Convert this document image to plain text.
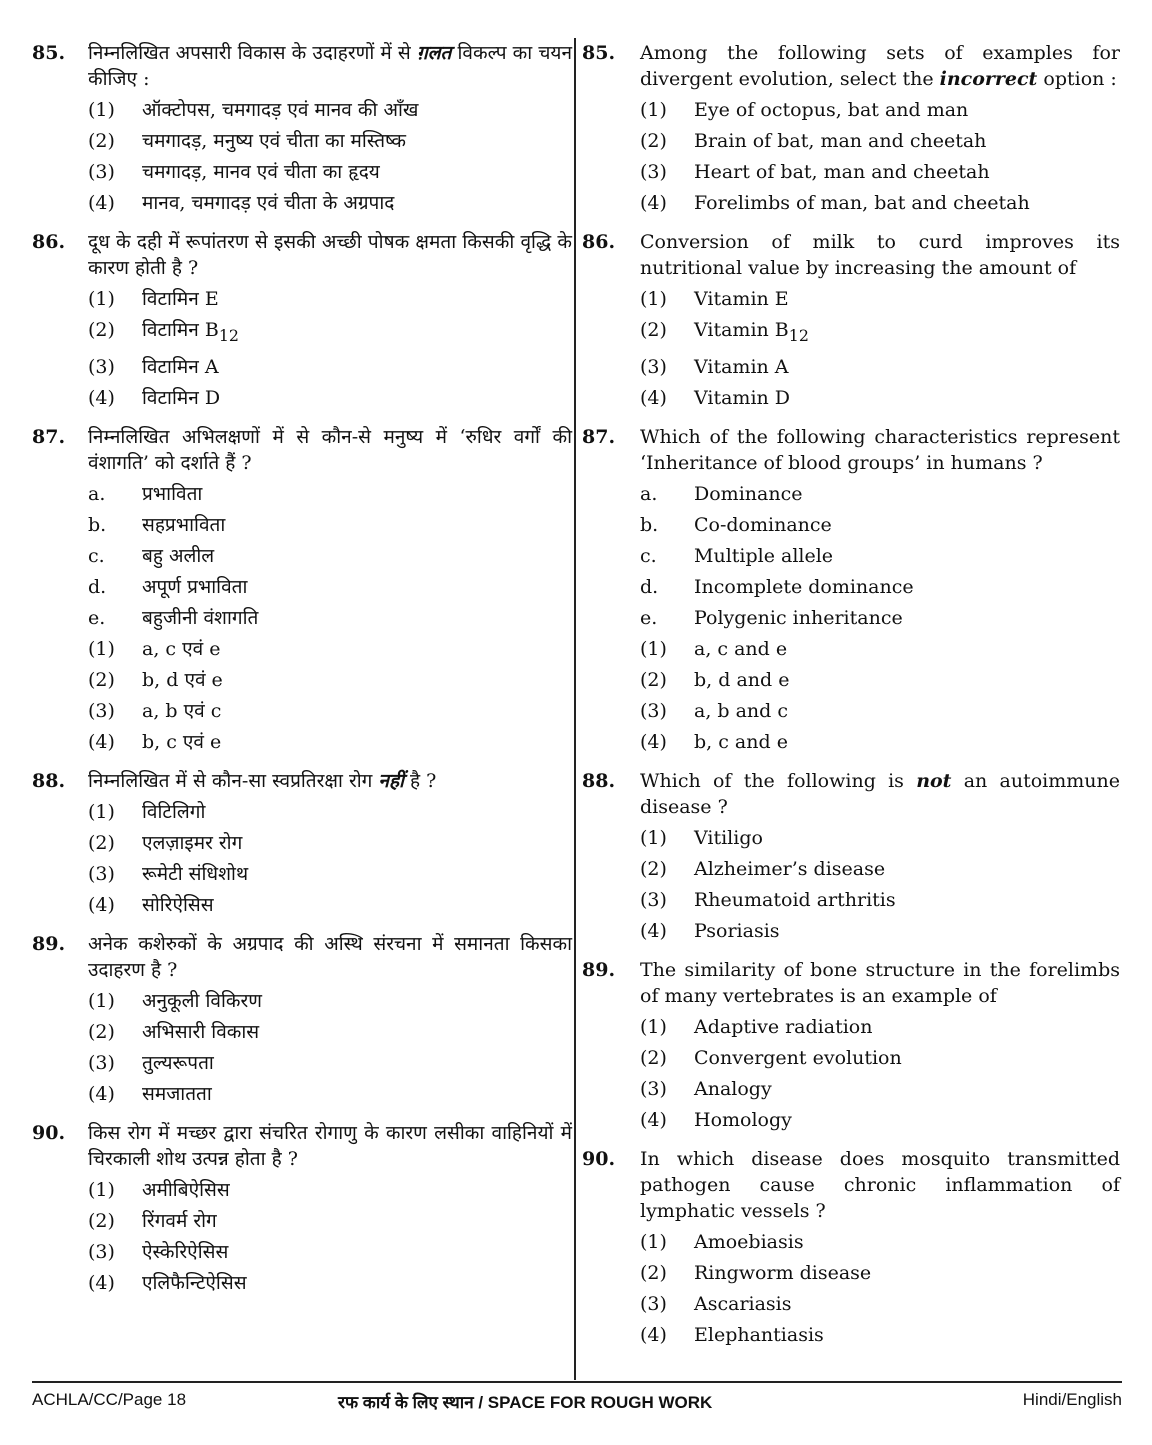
85. निम्नलिखित अपसारी विकास के उदाहरणों में से ग़लत विकल्प का चयन कीजिए :
(1)	ऑक्टोपस, चमगादड़ एवं मानव की आँख
(2)	चमगादड़, मनुष्य एवं चीता का मस्तिष्क
(3)	चमगादड़, मानव एवं चीता का हृदय
(4)	मानव, चमगादड़ एवं चीता के अग्रपाद
86. दूध के दही में रूपांतरण से इसकी अच्छी पोषक क्षमता किसकी वृद्धि के कारण होती है ?
(1)	विटामिन E
(2)	विटामिन $B_{12}$
(3)	विटामिन A
(4)	विटामिन D
87. निम्नलिखित अभिलक्षणों में से कौन-से मनुष्य में ‘रुधिर वर्गों की वंशागति’ को दर्शाते हैं ?
a.	प्रभाविता
b.	सहप्रभाविता
c.	बहु अलील
d.	अपूर्ण प्रभाविता
e.	बहुजीनी वंशागति
(1)	a, c एवं e
(2)	b, d एवं e
(3)	a, b एवं c
(4)	b, c एवं e
88. निम्नलिखित में से कौन-सा स्वप्रतिरक्षा रोग नहीं है ?
(1)	विटिलिगो
(2)	एलज़ाइमर रोग
(3)	रूमेटी संधिशोथ
(4)	सोरिऐसिस
89. अनेक कशेरुकों के अग्रपाद की अस्थि संरचना में समानता किसका उदाहरण है ?
(1)	अनुकूली विकिरण
(2)	अभिसारी विकास
(3)	तुल्यरूपता
(4)	समजातता
90. किस रोग में मच्छर द्वारा संचरित रोगाणु के कारण लसीका वाहिनियों में चिरकाली शोथ उत्पन्न होता है ?
(1)	अमीबिऐसिस
(2)	रिंगवर्म रोग
(3)	ऐस्केरिऐसिस
(4)	एलिफैन्टिऐसिस
85. Among the following sets of examples for divergent evolution, select the incorrect option :
(1)	Eye of octopus, bat and man
(2)	Brain of bat, man and cheetah
(3)	Heart of bat, man and cheetah
(4)	Forelimbs of man, bat and cheetah
86. Conversion of milk to curd improves its nutritional value by increasing the amount of
(1)	Vitamin E
(2)	Vitamin $B_{12}$
(3)	Vitamin A
(4)	Vitamin D
87. Which of the following characteristics represent ‘Inheritance of blood groups’ in humans ?
a.	Dominance
b.	Co-dominance
c.	Multiple allele
d.	Incomplete dominance
e.	Polygenic inheritance
(1)	a, c and e
(2)	b, d and e
(3)	a, b and c
(4)	b, c and e
88. Which of the following is not an autoimmune disease ?
(1)	Vitiligo
(2)	Alzheimer’s disease
(3)	Rheumatoid arthritis
(4)	Psoriasis
89. The similarity of bone structure in the forelimbs of many vertebrates is an example of
(1)	Adaptive radiation
(2)	Convergent evolution
(3)	Analogy
(4)	Homology
90. In which disease does mosquito transmitted pathogen cause chronic inflammation of lymphatic vessels ?
(1)	Amoebiasis
(2)	Ringworm disease
(3)	Ascariasis
(4)	Elephantiasis
ACHLA/CC/Page 18	रफ कार्य के लिए स्थान / SPACE FOR ROUGH WORK	Hindi/English
